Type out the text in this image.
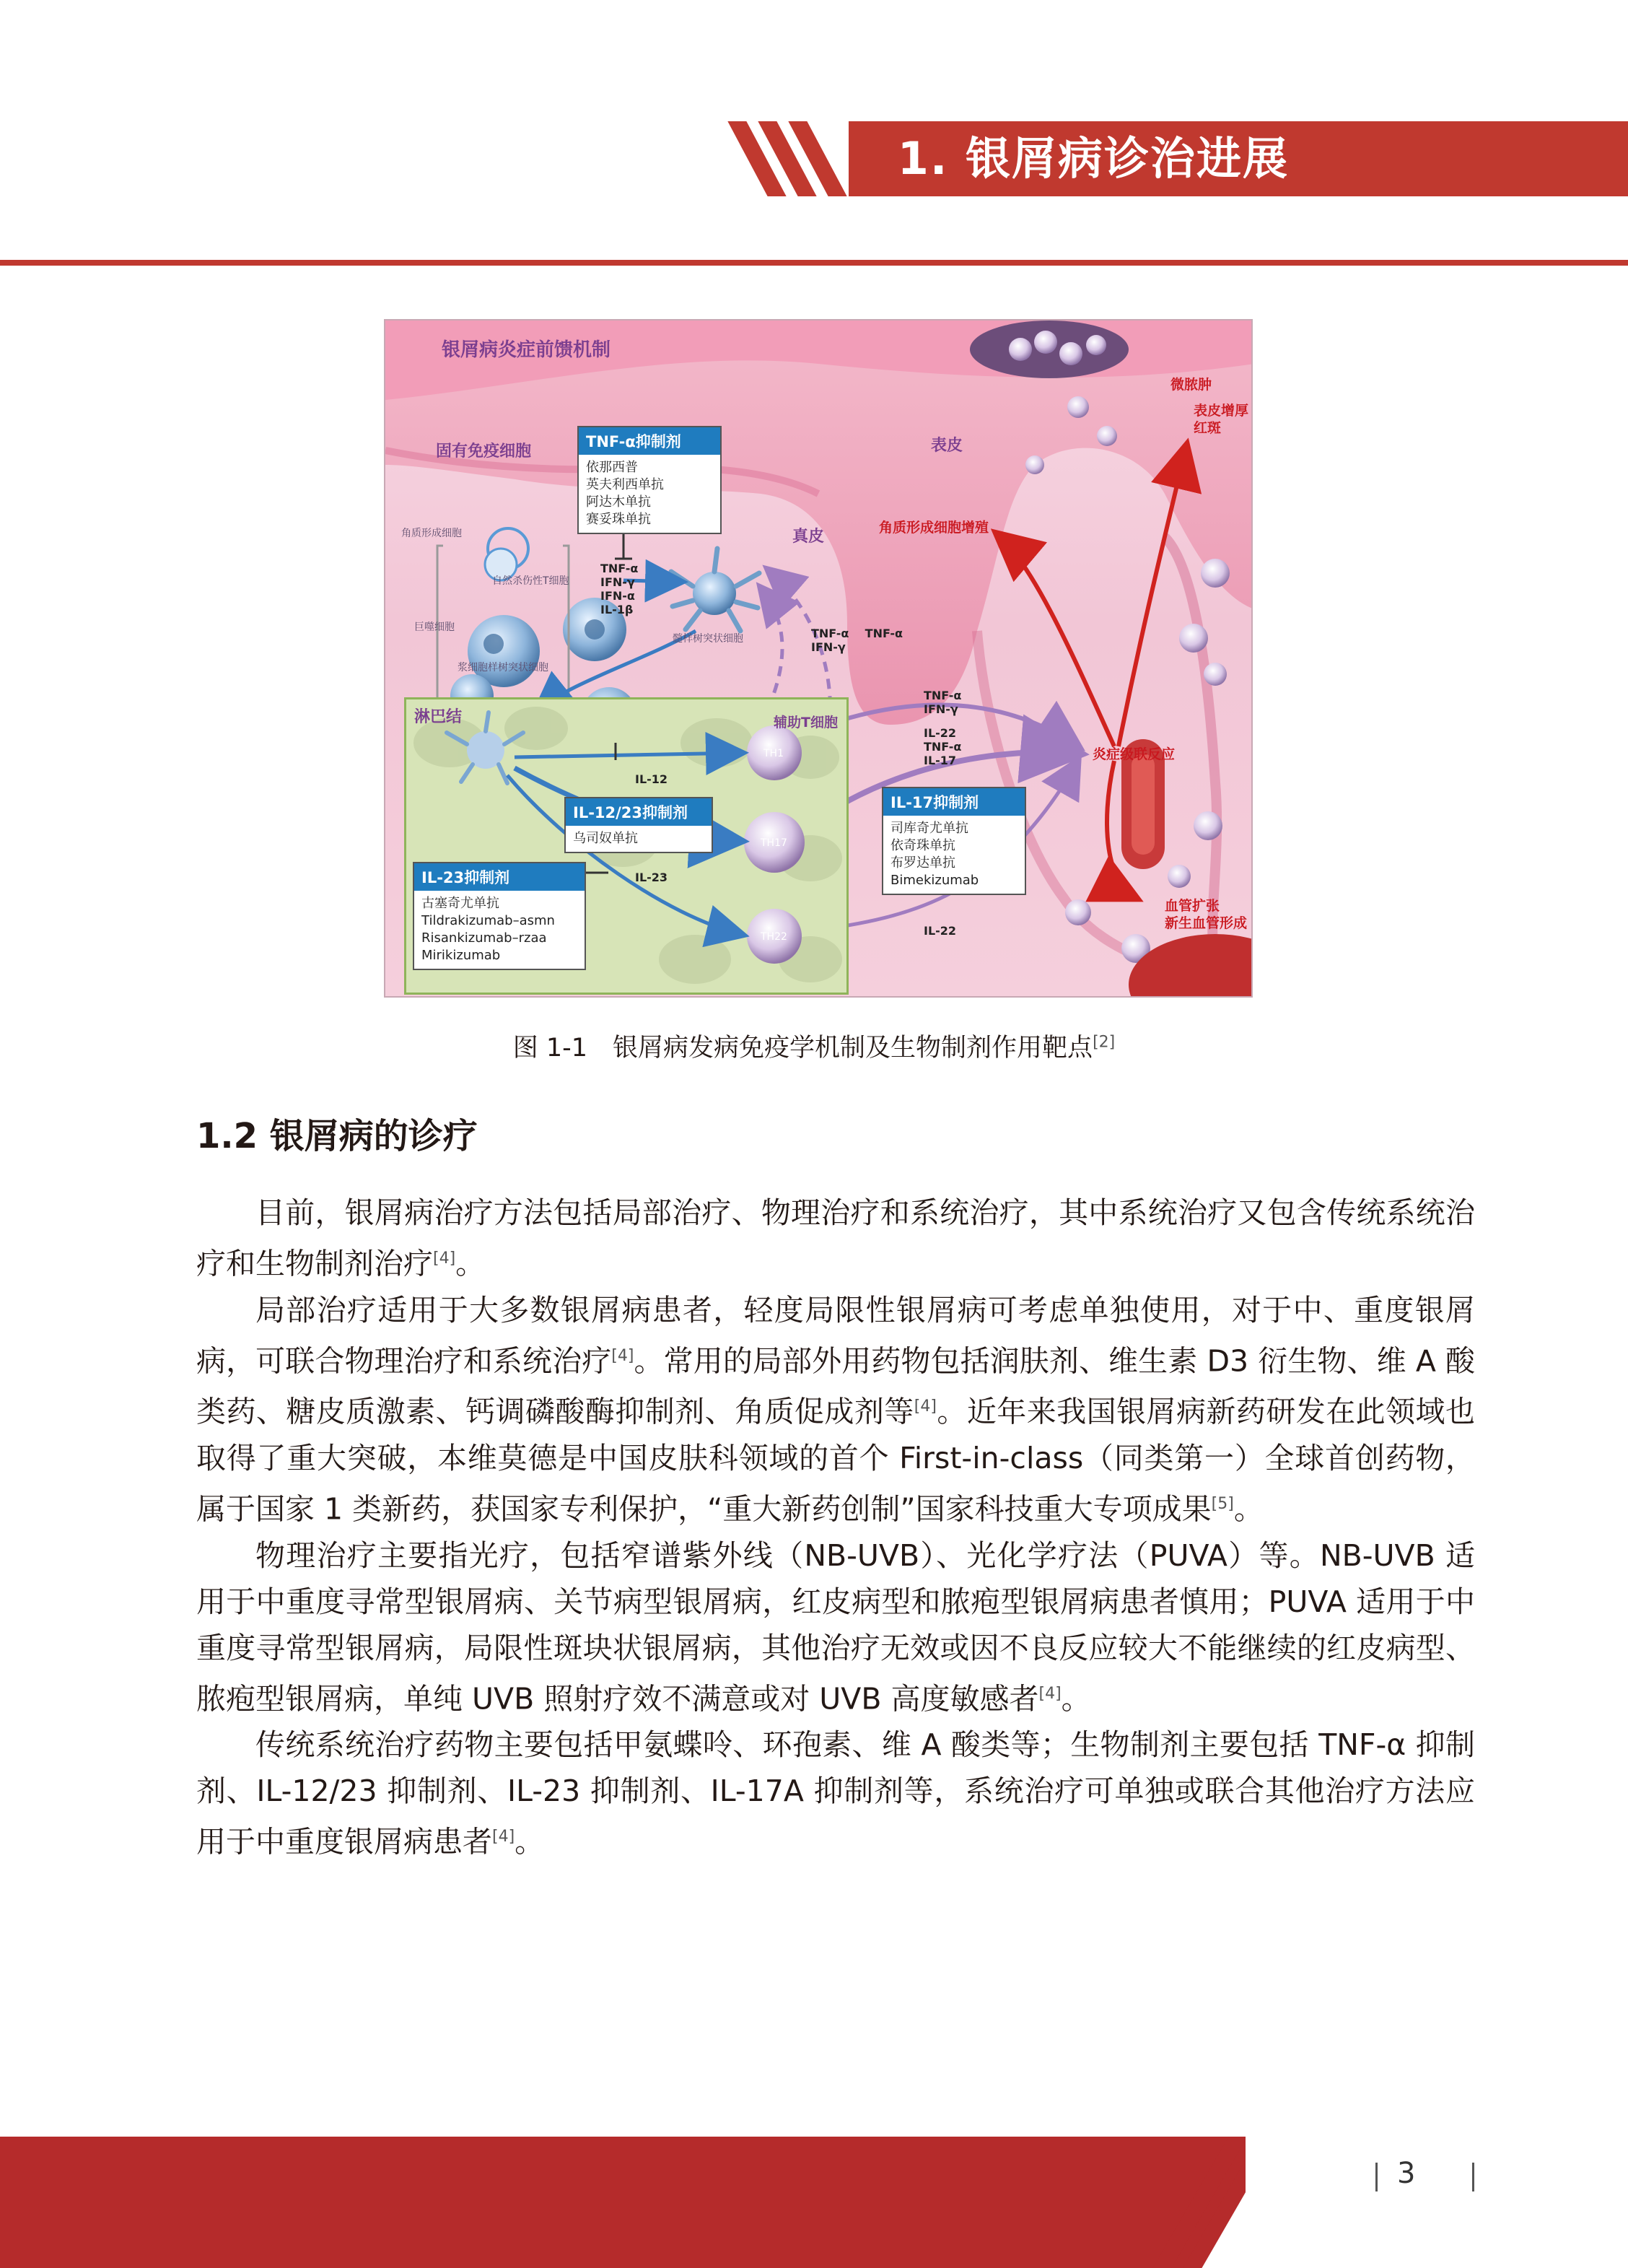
1. 银屑病诊治进展
银屑病炎症前馈机制
固有免疫细胞
角质形成细胞
自然杀伤性T细胞
巨噬细胞
浆细胞样树突状细胞
髓样树突状细胞
真皮
表皮
微脓肿
表皮增厚
红斑
角质形成细胞增殖
炎症级联反应
血管扩张
新生血管形成
淋巴结	辅助T细胞
TH1
TH17
TH22
TNF-α
IFN-γ
IFN-α
IL-1β
TNF-α TNF-α
IFN-γ
TNF-α
IFN-γ
IL-22
TNF-α
IL-17
IL-12
IL-23
IL-22
TNF-α抑制剂
依那西普
英夫利西单抗
阿达木单抗
赛妥珠单抗
IL-12/23抑制剂
乌司奴单抗
IL-23抑制剂
古塞奇尤单抗
Tildrakizumab–asmn
Risankizumab–rzaa
Mirikizumab
IL-17抑制剂
司库奇尤单抗
依奇珠单抗
布罗达单抗
Bimekizumab
图 1-1　银屑病发病免疫学机制及生物制剂作用靶点[2]
1.2 银屑病的诊疗

目前，银屑病治疗方法包括局部治疗、物理治疗和系统治疗，其中系统治疗又包含传统系统治疗和生物制剂治疗[4]。

局部治疗适用于大多数银屑病患者，轻度局限性银屑病可考虑单独使用，对于中、重度银屑病，可联合物理治疗和系统治疗[4]。常用的局部外用药物包括润肤剂、维生素 D3 衍生物、维 A 酸类药、糖皮质激素、钙调磷酸酶抑制剂、角质促成剂等[4]。近年来我国银屑病新药研发在此领域也取得了重大突破，本维莫德是中国皮肤科领域的首个 First-in-class（同类第一）全球首创药物，属于国家 1 类新药，获国家专利保护，“重大新药创制”国家科技重大专项成果[5]。

物理治疗主要指光疗，包括窄谱紫外线（NB-UVB）、光化学疗法（PUVA）等。NB-UVB 适用于中重度寻常型银屑病、关节病型银屑病，红皮病型和脓疱型银屑病患者慎用；PUVA 适用于中重度寻常型银屑病，局限性斑块状银屑病，其他治疗无效或因不良反应较大不能继续的红皮病型、脓疱型银屑病，单纯 UVB 照射疗效不满意或对 UVB 高度敏感者[4]。

传统系统治疗药物主要包括甲氨蝶呤、环孢素、维 A 酸类等；生物制剂主要包括 TNF-α 抑制剂、IL-12/23 抑制剂、IL-23 抑制剂、IL-17A 抑制剂等，系统治疗可单独或联合其他治疗方法应用于中重度银屑病患者[4]。

3
